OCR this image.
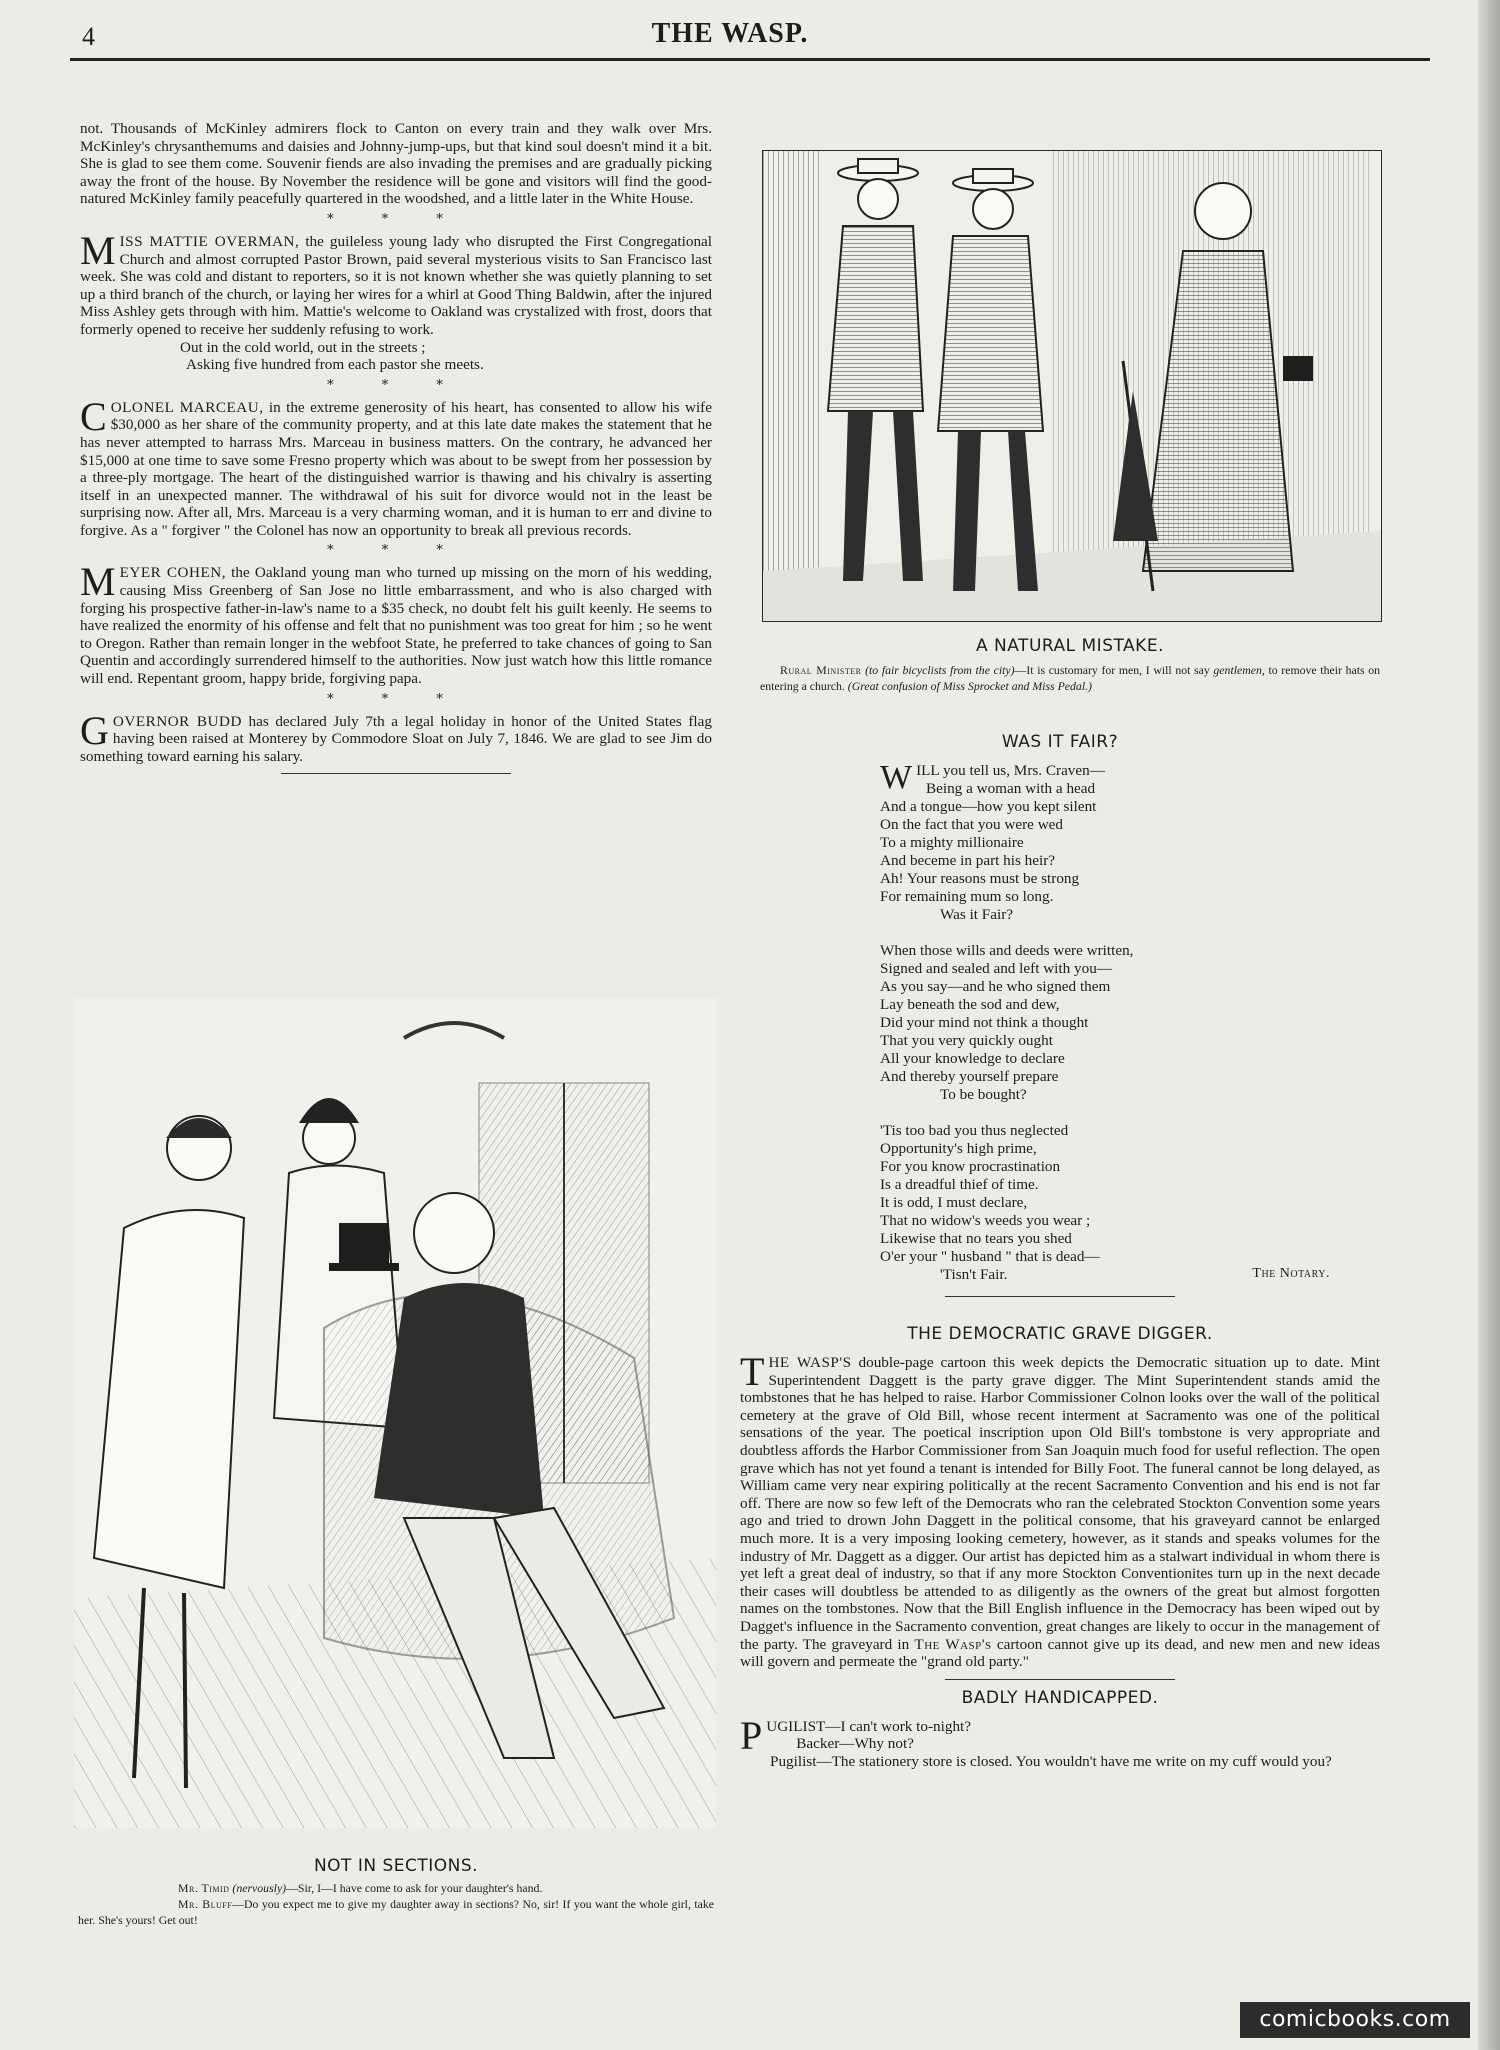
4	THE WASP.

not. Thousands of McKinley admirers flock to Canton on every train and they walk over Mrs. McKinley's chrysanthemums and daisies and Johnny-jump-ups, but that kind soul doesn't mind it a bit. She is glad to see them come. Souvenir fiends are also invading the premises and are gradually picking away the front of the house. By November the residence will be gone and visitors will find the good-natured McKinley family peacefully quartered in the woodshed, and a little later in the White House.

* * *

MISS MATTIE OVERMAN, the guileless young lady who disrupted the First Congregational Church and almost corrupted Pastor Brown, paid several mysterious visits to San Francisco last week. She was cold and distant to reporters, so it is not known whether she was quietly planning to set up a third branch of the church, or laying her wires for a whirl at Good Thing Baldwin, after the injured Miss Ashley gets through with him. Mattie's welcome to Oakland was crystalized with frost, doors that formerly opened to receive her suddenly refusing to work.

Out in the cold world, out in the streets ;
Asking five hundred from each pastor she meets.
* * *

COLONEL MARCEAU, in the extreme generosity of his heart, has consented to allow his wife $30,000 as her share of the community property, and at this late date makes the statement that he has never attempted to harrass Mrs. Marceau in business matters. On the contrary, he advanced her $15,000 at one time to save some Fresno property which was about to be swept from her possession by a three-ply mortgage. The heart of the distinguished warrior is thawing and his chivalry is asserting itself in an unexpected manner. The withdrawal of his suit for divorce would not in the least be surprising now. After all, Mrs. Marceau is a very charming woman, and it is human to err and divine to forgive. As a " forgiver " the Colonel has now an opportunity to break all previous records.

* * *

MEYER COHEN, the Oakland young man who turned up missing on the morn of his wedding, causing Miss Greenberg of San Jose no little embarrassment, and who is also charged with forging his prospective father-in-law's name to a $35 check, no doubt felt his guilt keenly. He seems to have realized the enormity of his offense and felt that no punishment was too great for him ; so he went to Oregon. Rather than remain longer in the webfoot State, he preferred to take chances of going to San Quentin and accordingly surrendered himself to the authorities. Now just watch how this little romance will end. Repentant groom, happy bride, forgiving papa.

* * *

GOVERNOR BUDD has declared July 7th a legal holiday in honor of the United States flag having been raised at Monterey by Commodore Sloat on July 7, 1846. We are glad to see Jim do something toward earning his salary.

NOT IN SECTIONS.
Mr. Timid (nervously)—Sir, I—I have come to ask for your daughter's hand.
Mr. Bluff—Do you expect me to give my daughter away in sections? No, sir! If you want the whole girl, take her. She's yours! Get out!
A NATURAL MISTAKE.
Rural Minister (to fair bicyclists from the city)—It is customary for men, I will not say gentlemen, to remove their hats on entering a church. (Great confusion of Miss Sprocket and Miss Pedal.)
WAS IT FAIR?
WILL you tell us, Mrs. Craven—
Being a woman with a head
And a tongue—how you kept silent
On the fact that you were wed
To a mighty millionaire
And beceme in part his heir?
Ah! Your reasons must be strong
For remaining mum so long.
Was it Fair?
When those wills and deeds were written,
Signed and sealed and left with you—
As you say—and he who signed them
Lay beneath the sod and dew,
Did your mind not think a thought
That you very quickly ought
All your knowledge to declare
And thereby yourself prepare
To be bought?
'Tis too bad you thus neglected
Opportunity's high prime,
For you know procrastination
Is a dreadful thief of time.
It is odd, I must declare,
That no widow's weeds you wear ;
Likewise that no tears you shed
O'er your " husband " that is dead—
'Tisn't Fair.	The Notary.
THE DEMOCRATIC GRAVE DIGGER.

THE WASP'S double-page cartoon this week depicts the Democratic situation up to date. Mint Superintendent Daggett is the party grave digger. The Mint Superintendent stands amid the tombstones that he has helped to raise. Harbor Commissioner Colnon looks over the wall of the political cemetery at the grave of Old Bill, whose recent interment at Sacramento was one of the political sensations of the year. The poetical inscription upon Old Bill's tombstone is very appropriate and doubtless affords the Harbor Commissioner from San Joaquin much food for useful reflection. The open grave which has not yet found a tenant is intended for Billy Foot. The funeral cannot be long delayed, as William came very near expiring politically at the recent Sacramento Convention and his end is not far off. There are now so few left of the Democrats who ran the celebrated Stockton Convention some years ago and tried to drown John Daggett in the political consome, that his graveyard cannot be enlarged much more. It is a very imposing looking cemetery, however, as it stands and speaks volumes for the industry of Mr. Daggett as a digger. Our artist has depicted him as a stalwart individual in whom there is yet left a great deal of industry, so that if any more Stockton Conventionites turn up in the next decade their cases will doubtless be attended to as diligently as the owners of the great but almost forgotten names on the tombstones. Now that the Bill English influence in the Democracy has been wiped out by Dagget's influence in the Sacramento convention, great changes are likely to occur in the management of the party. The graveyard in The Wasp's cartoon cannot give up its dead, and new men and new ideas will govern and permeate the "grand old party."

BADLY HANDICAPPED.

PUGILIST—I can't work to-night?

Backer—Why not?

Pugilist—The stationery store is closed. You wouldn't have me write on my cuff would you?

comicbooks.com
